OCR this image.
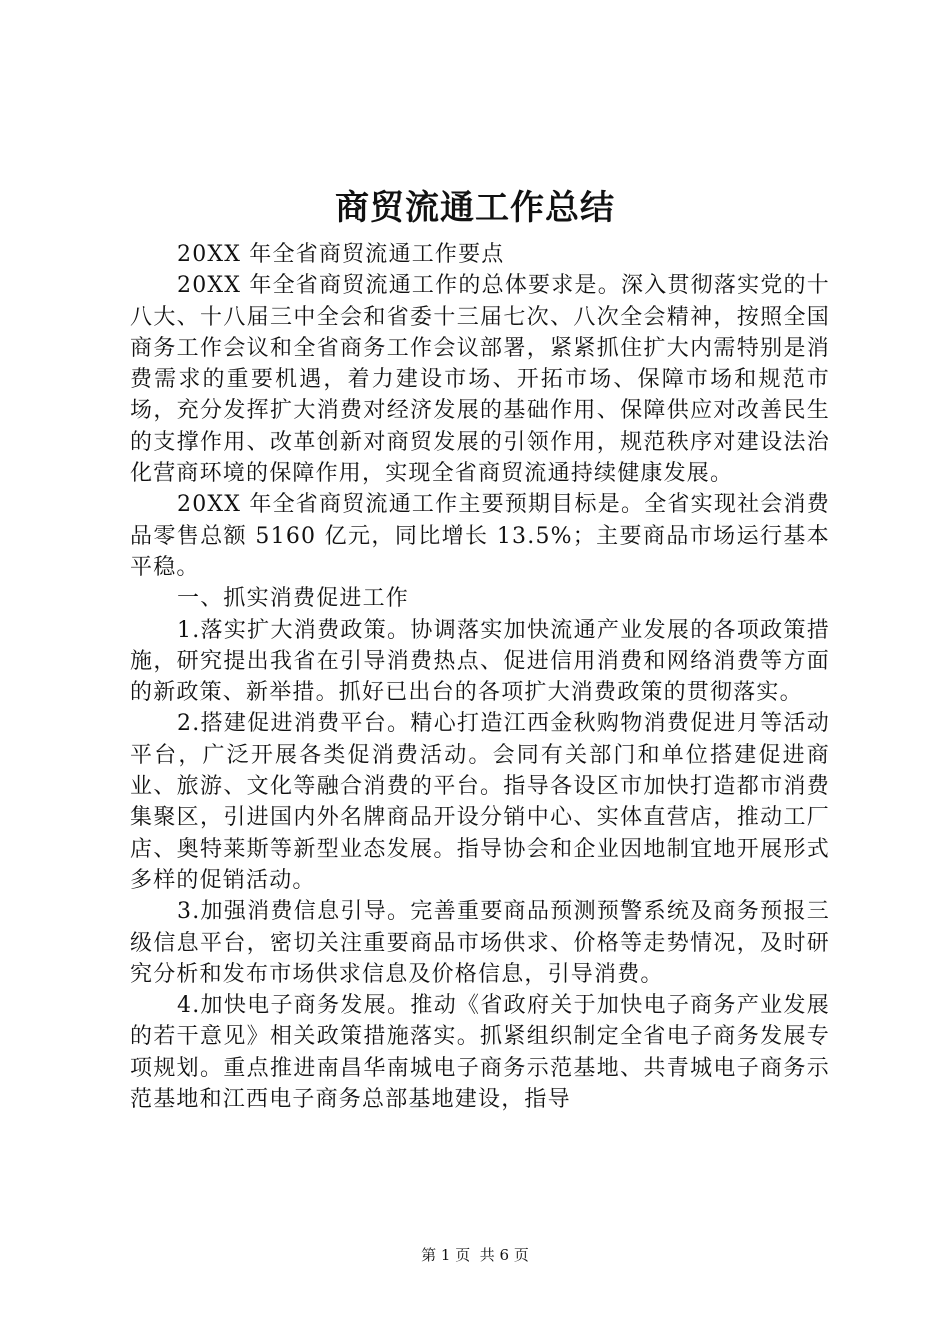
商贸流通工作总结

20XX 年全省商贸流通工作要点

20XX 年全省商贸流通工作的总体要求是。深入贯彻落实党的十八大、十八届三中全会和省委十三届七次、八次全会精神，按照全国商务工作会议和全省商务工作会议部署，紧紧抓住扩大内需特别是消费需求的重要机遇，着力建设市场、开拓市场、保障市场和规范市场，充分发挥扩大消费对经济发展的基础作用、保障供应对改善民生的支撑作用、改革创新对商贸发展的引领作用，规范秩序对建设法治化营商环境的保障作用，实现全省商贸流通持续健康发展。

20XX 年全省商贸流通工作主要预期目标是。全省实现社会消费品零售总额 5160 亿元，同比增长 13.5%；主要商品市场运行基本平稳。

一、抓实消费促进工作

1.落实扩大消费政策。协调落实加快流通产业发展的各项政策措施，研究提出我省在引导消费热点、促进信用消费和网络消费等方面的新政策、新举措。抓好已出台的各项扩大消费政策的贯彻落实。

2.搭建促进消费平台。精心打造江西金秋购物消费促进月等活动平台，广泛开展各类促消费活动。会同有关部门和单位搭建促进商业、旅游、文化等融合消费的平台。指导各设区市加快打造都市消费集聚区，引进国内外名牌商品开设分销中心、实体直营店，推动工厂店、奥特莱斯等新型业态发展。指导协会和企业因地制宜地开展形式多样的促销活动。

3.加强消费信息引导。完善重要商品预测预警系统及商务预报三级信息平台，密切关注重要商品市场供求、价格等走势情况，及时研究分析和发布市场供求信息及价格信息，引导消费。

4.加快电子商务发展。推动《省政府关于加快电子商务产业发展的若干意见》相关政策措施落实。抓紧组织制定全省电子商务发展专项规划。重点推进南昌华南城电子商务示范基地、共青城电子商务示范基地和江西电子商务总部基地建设，指导

第 1 页  共 6 页
